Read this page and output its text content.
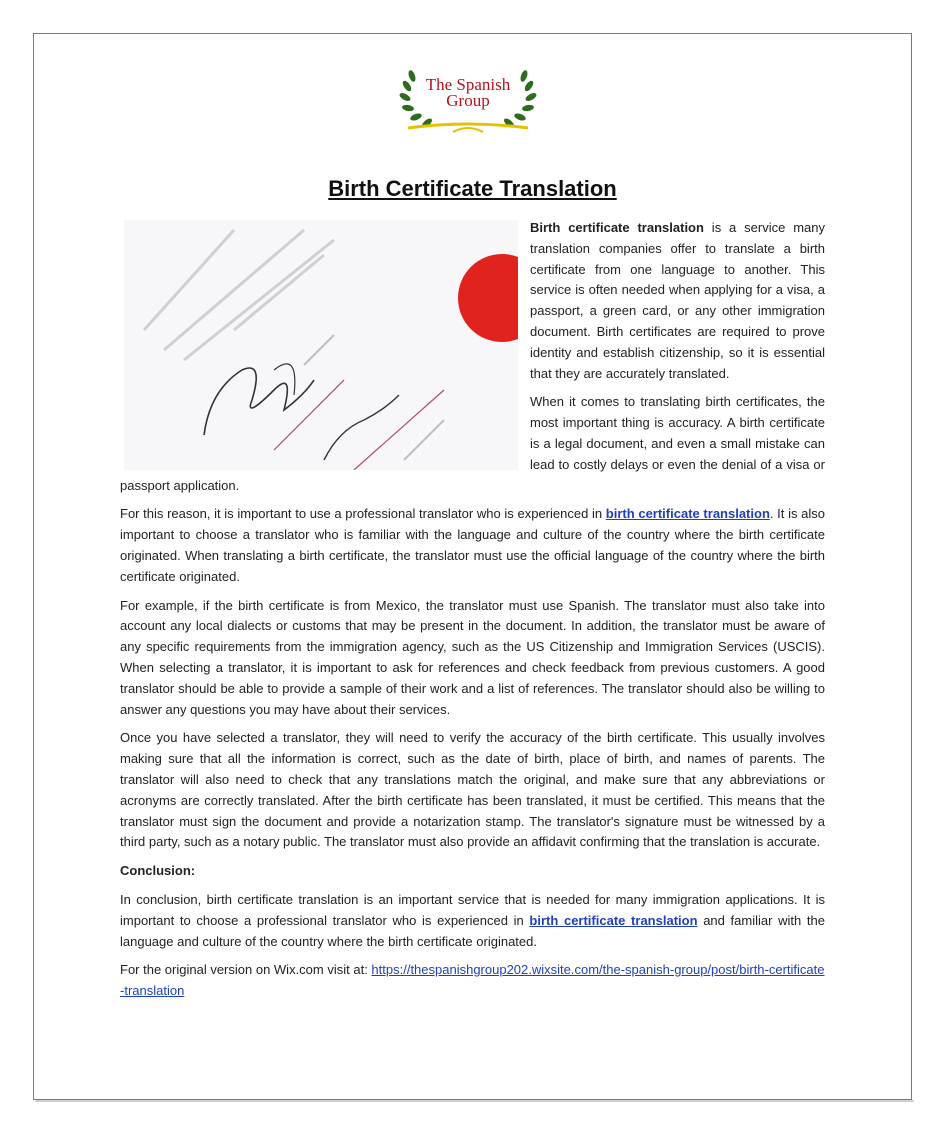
The Spanish
Group
Birth Certificate Translation

Birth certificate translation is a service many translation companies offer to translate a birth certificate from one language to another. This service is often needed when applying for a visa, a passport, a green card, or any other immigration document. Birth certificates are required to prove identity and establish citizenship, so it is essential that they are accurately translated.

When it comes to translating birth certificates, the most important thing is accuracy. A birth certificate is a legal document, and even a small mistake can lead to costly delays or even the denial of a visa or passport application.

For this reason, it is important to use a professional translator who is experienced in birth certificate translation. It is also important to choose a translator who is familiar with the language and culture of the country where the birth certificate originated. When translating a birth certificate, the translator must use the official language of the country where the birth certificate originated.

For example, if the birth certificate is from Mexico, the translator must use Spanish. The translator must also take into account any local dialects or customs that may be present in the document. In addition, the translator must be aware of any specific requirements from the immigration agency, such as the US Citizenship and Immigration Services (USCIS). When selecting a translator, it is important to ask for references and check feedback from previous customers. A good translator should be able to provide a sample of their work and a list of references. The translator should also be willing to answer any questions you may have about their services.

Once you have selected a translator, they will need to verify the accuracy of the birth certificate. This usually involves making sure that all the information is correct, such as the date of birth, place of birth, and names of parents. The translator will also need to check that any translations match the original, and make sure that any abbreviations or acronyms are correctly translated. After the birth certificate has been translated, it must be certified. This means that the translator must sign the document and provide a notarization stamp. The translator's signature must be witnessed by a third party, such as a notary public. The translator must also provide an affidavit confirming that the translation is accurate.

Conclusion:

In conclusion, birth certificate translation is an important service that is needed for many immigration applications. It is important to choose a professional translator who is experienced in birth certificate translation and familiar with the language and culture of the country where the birth certificate originated.

For the original version on Wix.com visit at: https://thespanishgroup202.wixsite.com/the-spanish-group/post/birth-certificate-translation
